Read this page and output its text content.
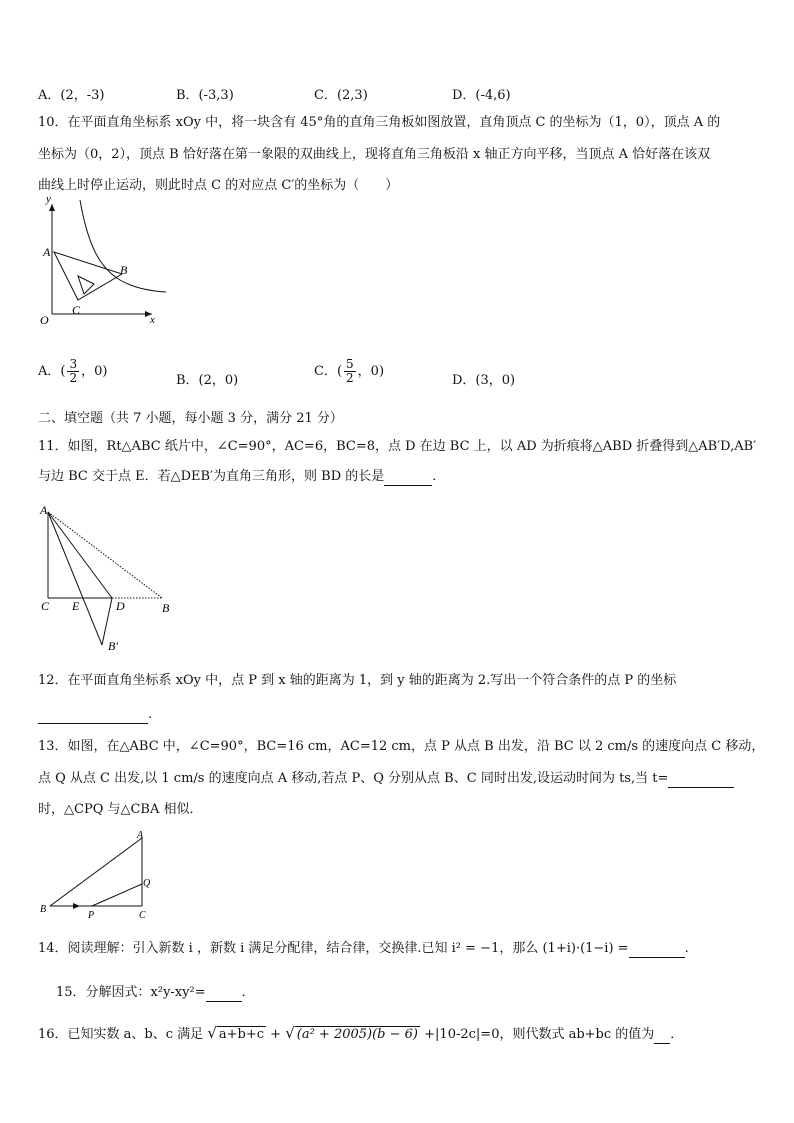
A．(2，-3)	B．(-3,3)	C．(2,3)	D．(-4,6)
10．在平面直角坐标系 xOy 中，将一块含有 45°角的直角三角板如图放置，直角顶点 C 的坐标为（1，0），顶点 A 的
坐标为（0，2），顶点 B 恰好落在第一象限的双曲线上，现将直角三角板沿 x 轴正方向平移，当顶点 A 恰好落在该双
曲线上时停止运动，则此时点 C 的对应点 C′的坐标为（　　）
y
x
O
A
B
C
A．( $\frac{3}{2}$ ，0)
B．(2，0)
C．( $\frac{5}{2}$ ，0)
D．(3，0)
二、填空题（共 7 小题，每小题 3 分，满分 21 分）
11．如图，Rt△ABC 纸片中，∠C=90°，AC=6，BC=8，点 D 在边 BC 上，以 AD 为折痕将△ABD 折叠得到△AB′D,AB′
与边 BC 交于点 E．若△DEB′为直角三角形，则 BD 的长是	．
A
C E	D	B
B′
12．在平面直角坐标系 xOy 中，点 P 到 x 轴的距离为 1，到 y 轴的距离为 2.写出一个符合条件的点 P 的坐标
.
13．如图，在△ABC 中，∠C=90°，BC=16 cm，AC=12 cm，点 P 从点 B 出发，沿 BC 以 2 cm/s 的速度向点 C 移动，
点 Q 从点 C 出发,以 1 cm/s 的速度向点 A 移动,若点 P、Q 分别从点 B、C 同时出发,设运动时间为 ts,当 t=
时，△CPQ 与△CBA 相似．
A
Q
B
P	C
14．阅读理解：引入新数 i ，新数 i 满足分配律，结合律，交换律.已知 i² = −1，那么 (1+i)·(1−i) =	.
15．分解因式：x²y-xy²=	．
16．已知实数 a、b、c 满足 √ a+b+c + √ (a² + 2005)(b − 6) +|10-2c|=0，则代数式 ab+bc 的值为 ．
